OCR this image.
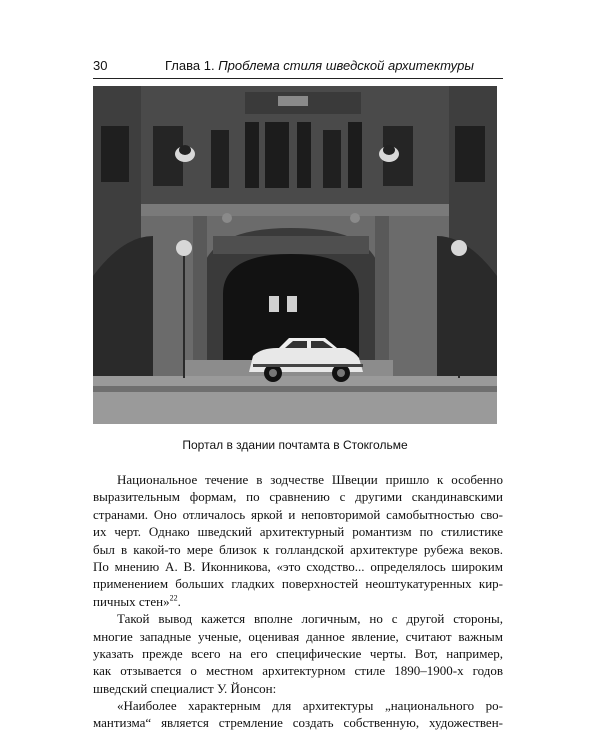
30	Глава 1. Проблема стиля шведской архитектуры
Портал в здании почтамта в Стокгольме
Национальное течение в зодчестве Швеции пришло к особенно
выразительным формам, по сравнению с другими скандинавскими
странами. Оно отличалось яркой и неповторимой самобытностью сво-
их черт. Однако шведский архитектурный романтизм по стилистике
был в какой-то мере близок к голландской архитектуре рубежа веков.
По мнению А. В. Иконникова, «это сходство... определялось широким
применением больших гладких поверхностей неоштукатуренных кир-
пичных стен»$^{22}$.
Такой вывод кажется вполне логичным, но с другой стороны,
многие западные ученые, оценивая данное явление, считают важным
указать прежде всего на его специфические черты. Вот, например,
как отзывается о местном архитектурном стиле 1890–1900-х годов
шведский специалист У. Йонсон:
«Наиболее характерным для архитектуры „национального ро-
мантизма“ является стремление создать собственную, художествен-
